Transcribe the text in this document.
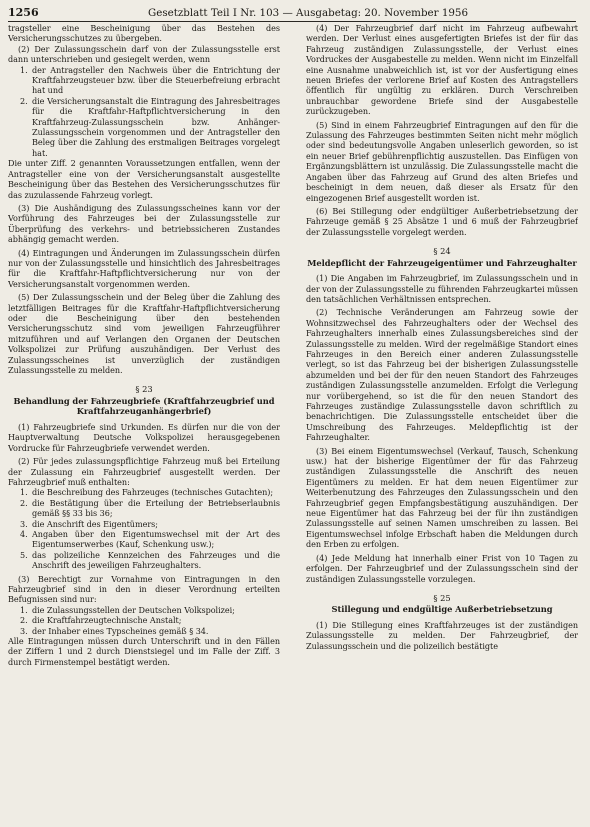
1256	Gesetzblatt Teil I Nr. 103 — Ausgabetag: 20. November 1956

tragsteller eine Bescheinigung über das Bestehen des Versicherungsschutzes zu übergeben.

(2) Der Zulassungsschein darf von der Zulassungsstelle erst dann unterschrieben und gesiegelt werden, wenn

1. der Antragsteller den Nachweis über die Entrichtung der Kraftfahrzeugsteuer bzw. über die Steuerbefreiung erbracht hat und
2. die Versicherungsanstalt die Eintragung des Jahresbeitrages für die Kraftfahr-Haftpflichtversicherung in den Kraftfahrzeug-Zulassungsschein bzw. Anhänger-Zulassungsschein vorgenommen und der Antragsteller den Beleg über die Zahlung des erstmaligen Beitrages vorgelegt hat.

Die unter Ziff. 2 genannten Voraussetzungen entfallen, wenn der Antragsteller eine von der Versicherungsanstalt ausgestellte Bescheinigung über das Bestehen des Versicherungsschutzes für das zuzulassende Fahrzeug vorlegt.

(3) Die Aushändigung des Zulassungsscheines kann vor der Vorführung des Fahrzeuges bei der Zulassungsstelle zur Überprüfung des verkehrs- und betriebssicheren Zustandes abhängig gemacht werden.

(4) Eintragungen und Änderungen im Zulassungsschein dürfen nur von der Zulassungsstelle und hinsichtlich des Jahresbeitrages für die Kraftfahr-Haftpflichtversicherung nur von der Versicherungsanstalt vorgenommen werden.

(5) Der Zulassungsschein und der Beleg über die Zahlung des letztfälligen Beitrages für die Kraftfahr-Haftpflichtversicherung oder die Bescheinigung über den bestehenden Versicherungsschutz sind vom jeweiligen Fahrzeugführer mitzuführen und auf Verlangen den Organen der Deutschen Volkspolizei zur Prüfung auszuhändigen. Der Verlust des Zulassungsscheines ist unverzüglich der zuständigen Zulassungsstelle zu melden.

§ 23
Behandlung der Fahrzeugbriefe (Kraftfahrzeugbrief und Kraftfahrzeuganhängerbrief)

(1) Fahrzeugbriefe sind Urkunden. Es dürfen nur die von der Hauptverwaltung Deutsche Volkspolizei herausgegebenen Vordrucke für Fahrzeugbriefe verwendet werden.

(2) Für jedes zulassungspflichtige Fahrzeug muß bei Erteilung der Zulassung ein Fahrzeugbrief ausgestellt werden. Der Fahrzeugbrief muß enthalten:

1. die Beschreibung des Fahrzeuges (technisches Gutachten);
2. die Bestätigung über die Erteilung der Betriebserlaubnis gemäß §§ 33 bis 36;
3. die Anschrift des Eigentümers;
4. Angaben über den Eigentumswechsel mit der Art des Eigentumserwerbes (Kauf, Schenkung usw.);
5. das polizeiliche Kennzeichen des Fahrzeuges und die Anschrift des jeweiligen Fahrzeughalters.

(3) Berechtigt zur Vornahme von Eintragungen in den Fahrzeugbrief sind in den in dieser Verordnung erteilten Befugnissen sind nur:

1. die Zulassungsstellen der Deutschen Volkspolizei;
2. die Kraftfahrzeugtechnische Anstalt;
3. der Inhaber eines Typscheines gemäß § 34.

Alle Eintragungen müssen durch Unterschrift und in den Fällen der Ziffern 1 und 2 durch Dienstsiegel und im Falle der Ziff. 3 durch Firmenstempel bestätigt werden.

(4) Der Fahrzeugbrief darf nicht im Fahrzeug aufbewahrt werden. Der Verlust eines ausgefertigten Briefes ist der für das Fahrzeug zuständigen Zulassungsstelle, der Verlust eines Vordruckes der Ausgabestelle zu melden. Wenn nicht im Einzelfall eine Ausnahme unabweichlich ist, ist vor der Ausfertigung eines neuen Briefes der verlorene Brief auf Kosten des Antragstellers öffentlich für ungültig zu erklären. Durch Verschreiben unbrauchbar gewordene Briefe sind der Ausgabestelle zurückzugeben.

(5) Sind in einem Fahrzeugbrief Eintragungen auf den für die Zulassung des Fahrzeuges bestimmten Seiten nicht mehr möglich oder sind bedeutungsvolle Angaben unleserlich geworden, so ist ein neuer Brief gebührenpflichtig auszustellen. Das Einfügen von Ergänzungsblättern ist unzulässig. Die Zulassungsstelle macht die Angaben über das Fahrzeug auf Grund des alten Briefes und bescheinigt in dem neuen, daß dieser als Ersatz für den eingezogenen Brief ausgestellt worden ist.

(6) Bei Stillegung oder endgültiger Außerbetriebsetzung der Fahrzeuge gemäß § 25 Absätze 1 und 6 muß der Fahrzeugbrief der Zulassungsstelle vorgelegt werden.

§ 24
Meldepflicht der Fahrzeugeigentümer und Fahrzeughalter

(1) Die Angaben im Fahrzeugbrief, im Zulassungsschein und in der von der Zulassungsstelle zu führenden Fahrzeugkartei müssen den tatsächlichen Verhältnissen entsprechen.

(2) Technische Veränderungen am Fahrzeug sowie der Wohnsitzwechsel des Fahrzeughalters oder der Wechsel des Fahrzeughalters innerhalb eines Zulassungsbereiches sind der Zulassungsstelle zu melden. Wird der regelmäßige Standort eines Fahrzeuges in den Bereich einer anderen Zulassungsstelle verlegt, so ist das Fahrzeug bei der bisherigen Zulassungsstelle abzumelden und bei der für den neuen Standort des Fahrzeuges zuständigen Zulassungsstelle anzumelden. Erfolgt die Verlegung nur vorübergehend, so ist die für den neuen Standort des Fahrzeuges zuständige Zulassungsstelle davon schriftlich zu benachrichtigen. Die Zulassungsstelle entscheidet über die Umschreibung des Fahrzeuges. Meldepflichtig ist der Fahrzeughalter.

(3) Bei einem Eigentumswechsel (Verkauf, Tausch, Schenkung usw.) hat der bisherige Eigentümer der für das Fahrzeug zuständigen Zulassungsstelle die Anschrift des neuen Eigentümers zu melden. Er hat dem neuen Eigentümer zur Weiterbenutzung des Fahrzeuges den Zulassungsschein und den Fahrzeugbrief gegen Empfangsbestätigung auszuhändigen. Der neue Eigentümer hat das Fahrzeug bei der für ihn zuständigen Zulassungsstelle auf seinen Namen umschreiben zu lassen. Bei Eigentumswechsel infolge Erbschaft haben die Meldungen durch den Erben zu erfolgen.

(4) Jede Meldung hat innerhalb einer Frist von 10 Tagen zu erfolgen. Der Fahrzeugbrief und der Zulassungsschein sind der zuständigen Zulassungsstelle vorzulegen.

§ 25
Stillegung und endgültige Außerbetriebsetzung

(1) Die Stillegung eines Kraftfahrzeuges ist der zuständigen Zulassungsstelle zu melden. Der Fahrzeugbrief, der Zulassungsschein und die polizeilich bestätigte
